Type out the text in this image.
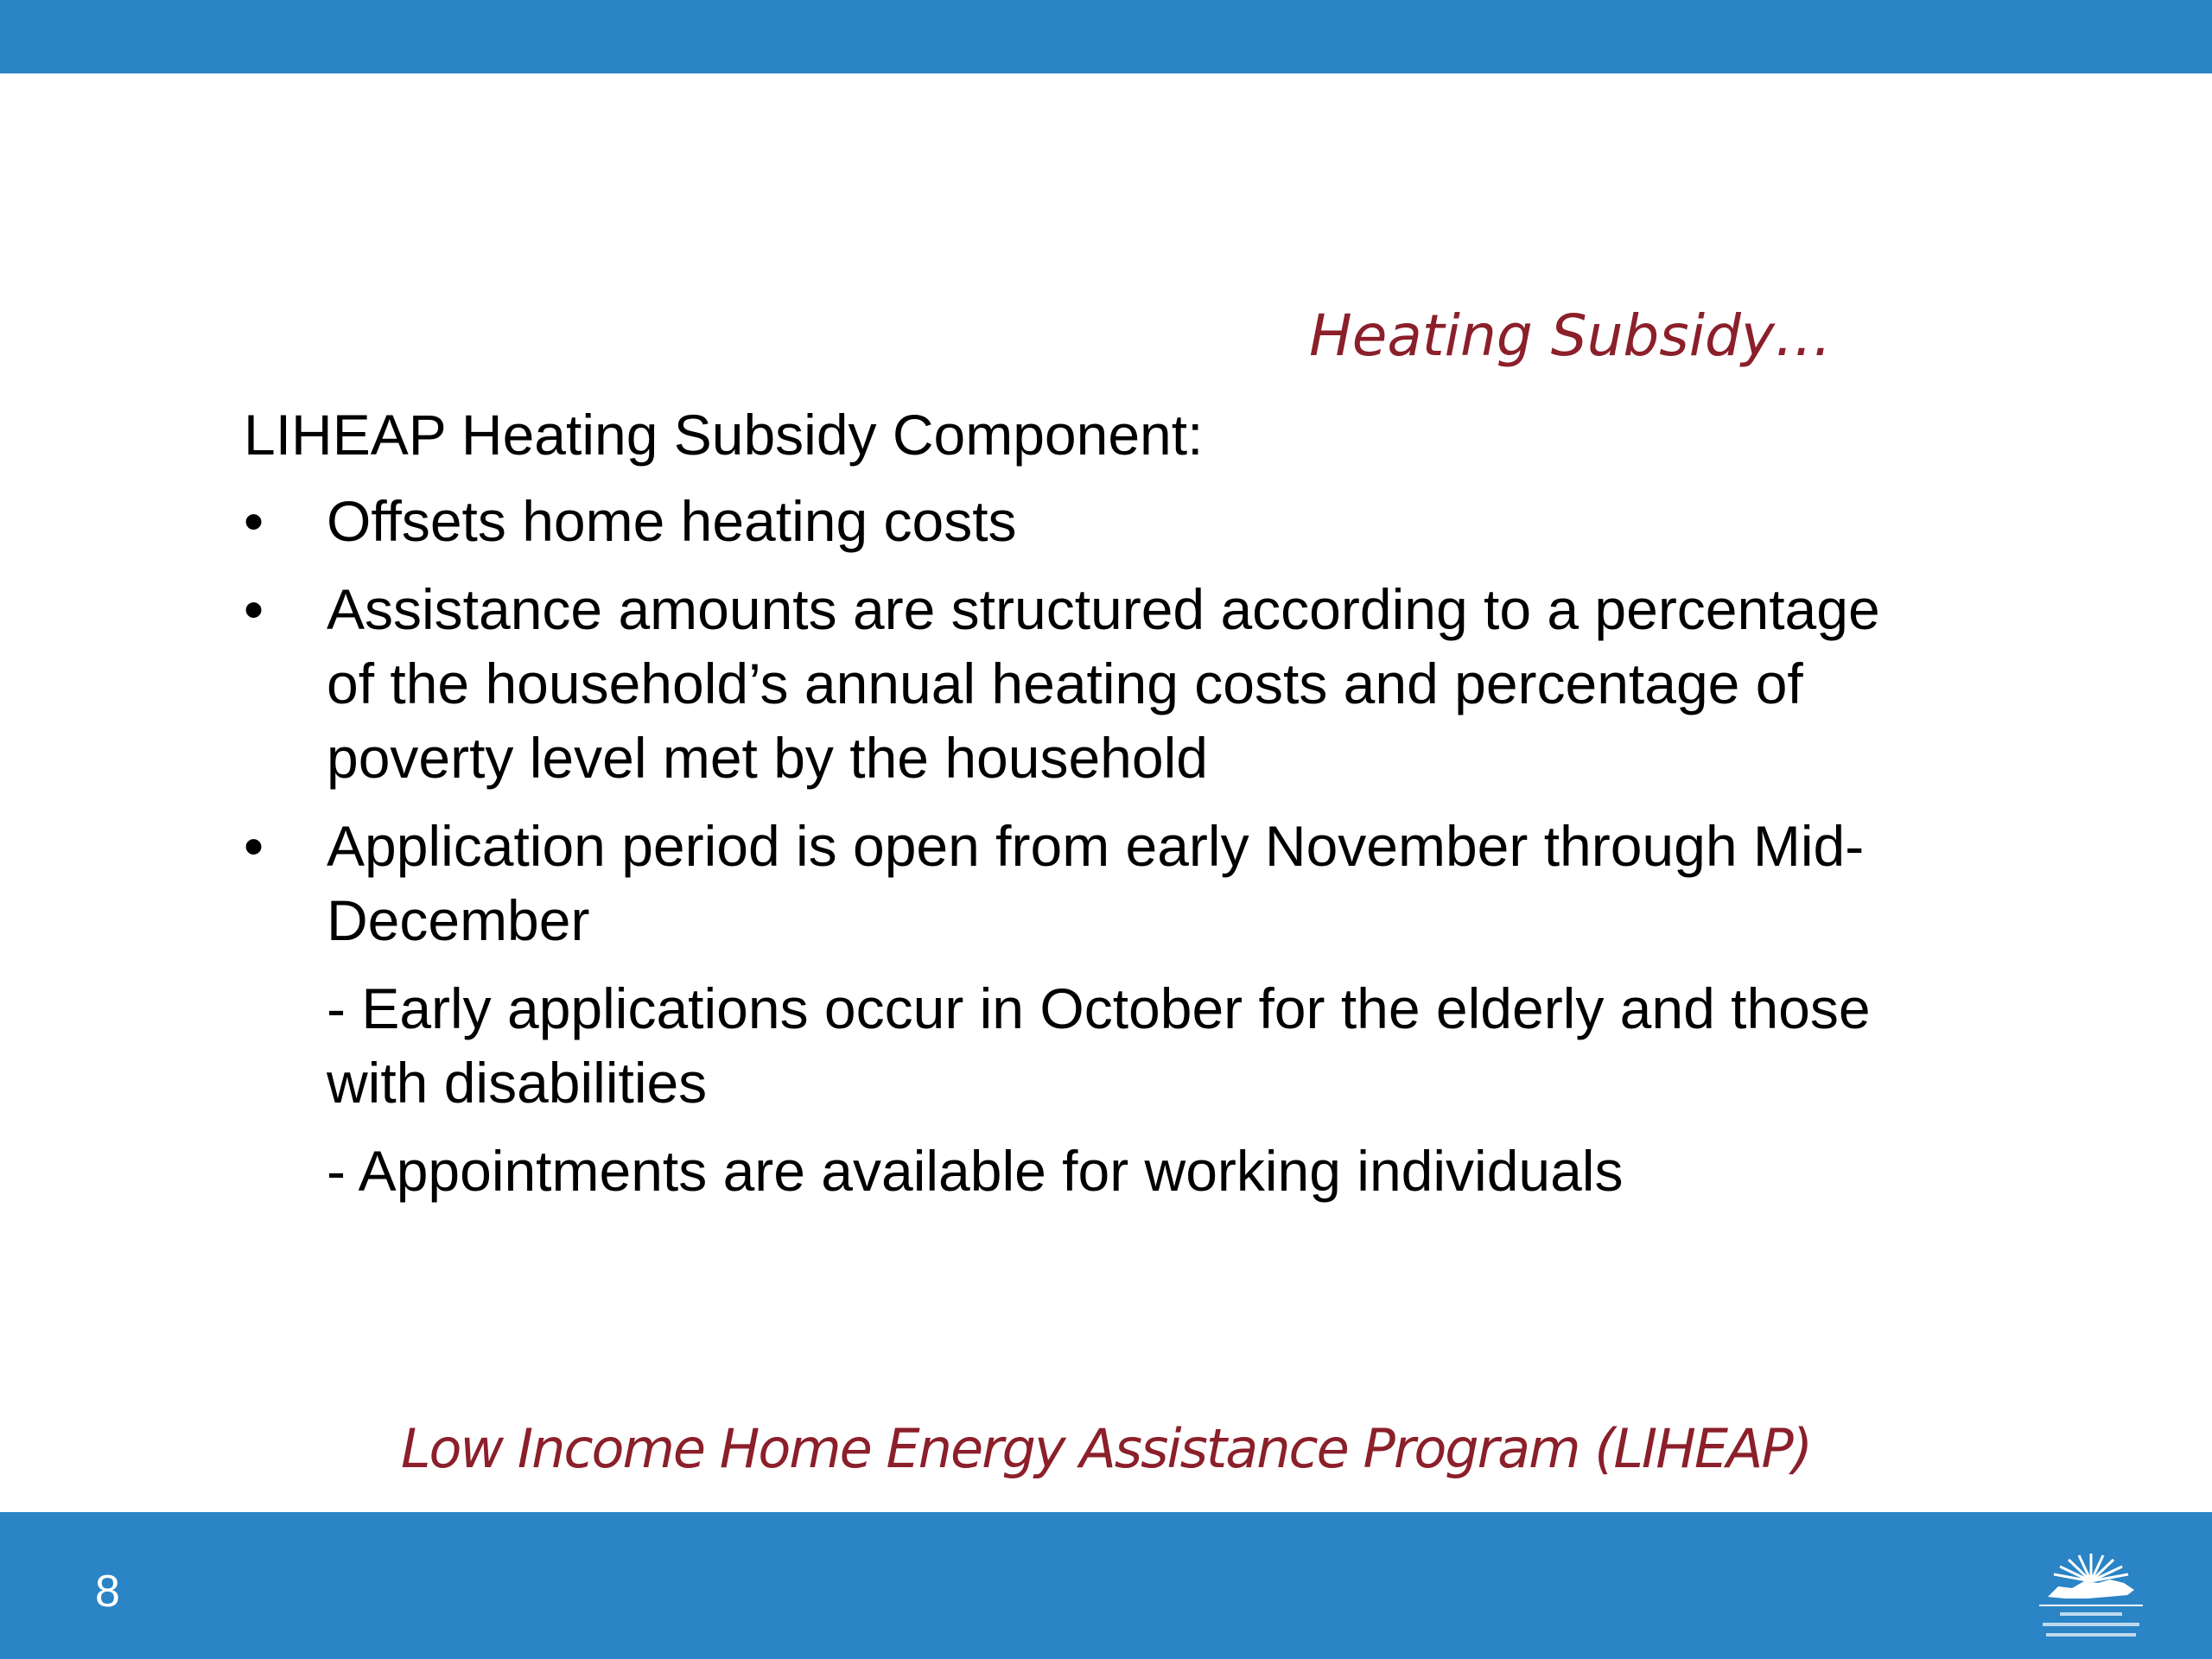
Heating Subsidy…
LIHEAP Heating Subsidy Component:
•	Offsets home heating costs
•	Assistance amounts are structured according to a percentage of the household’s annual heating costs and percentage of poverty level met by the household
•	Application period is open from early November through Mid-December
- Early applications occur in October for the elderly and those with disabilities
- Appointments are available for working individuals
Low Income Home Energy Assistance Program (LIHEAP)
8
